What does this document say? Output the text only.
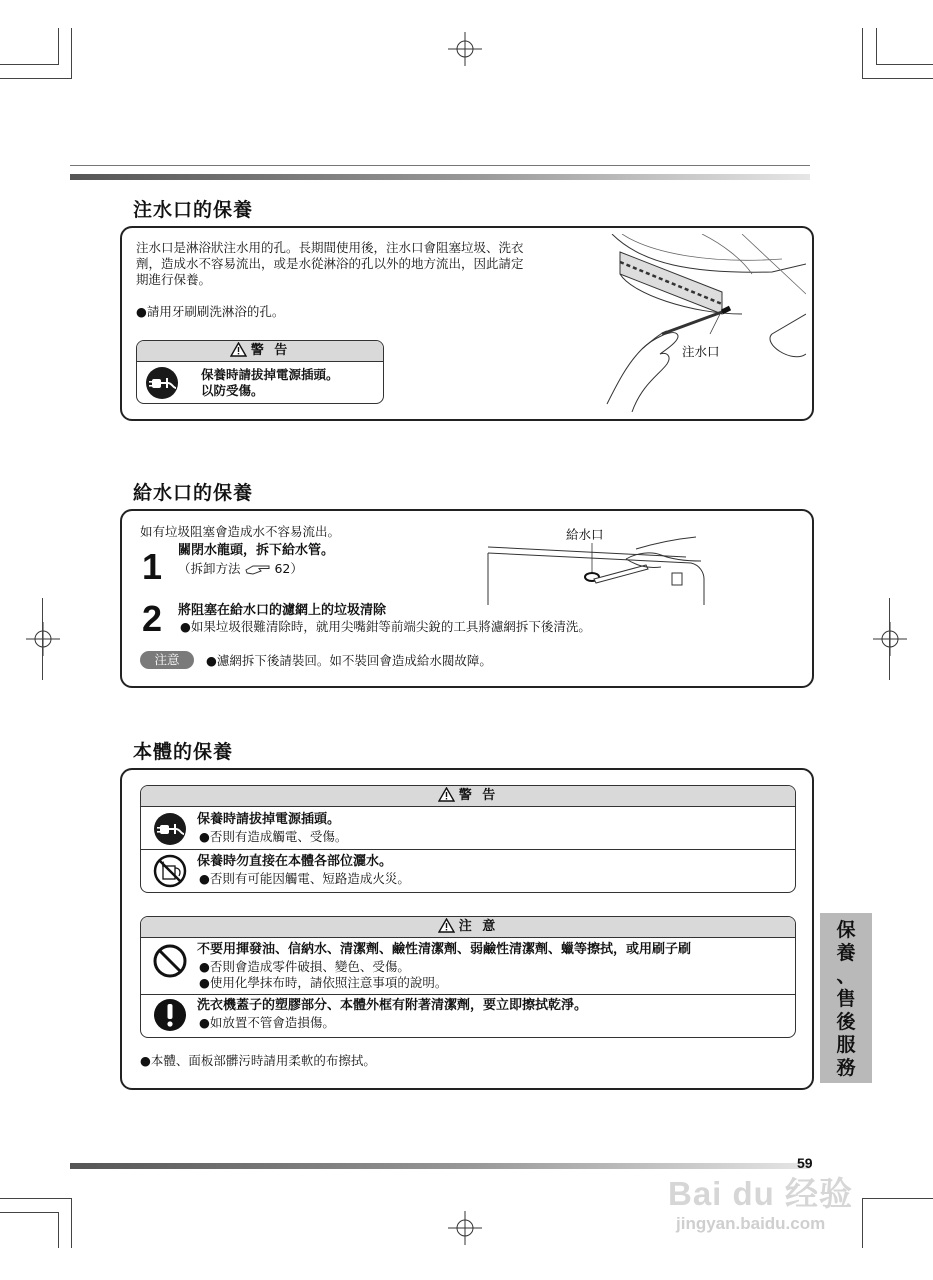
注水口的保養
注水口是淋浴狀注水用的孔。長期間使用後，注水口會阻塞垃圾、洗衣
劑，造成水不容易流出，或是水從淋浴的孔以外的地方流出，因此請定
期進行保養。
●請用牙刷刷洗淋浴的孔。
警 告
保養時請拔掉電源插頭。
以防受傷。
注水口
給水口的保養
如有垃圾阻塞會造成水不容易流出。
1 關閉水龍頭，拆下給水管。
（拆卸方法	62）
2 將阻塞在給水口的濾網上的垃圾清除
●如果垃圾很難清除時，就用尖嘴鉗等前端尖銳的工具將濾網拆下後清洗。
注意	●濾網拆下後請裝回。如不裝回會造成給水閥故障。
給水口
本體的保養
警 告
保養時請拔掉電源插頭。
●否則有造成觸電、受傷。
保養時勿直接在本體各部位灑水。
●否則有可能因觸電、短路造成火災。
注 意
不要用揮發油、信納水、清潔劑、鹼性清潔劑、弱鹼性清潔劑、蠟等擦拭，或用刷子刷
●否則會造成零件破損、變色、受傷。
●使用化學抹布時，請依照注意事項的說明。
洗衣機蓋子的塑膠部分、本體外框有附著清潔劑，要立即擦拭乾淨。
●如放置不管會造損傷。
●本體、面板部髒污時請用柔軟的布擦拭。
保
養
、
售
後
服
務
59
Bai du 经验
jingyan.baidu.com
